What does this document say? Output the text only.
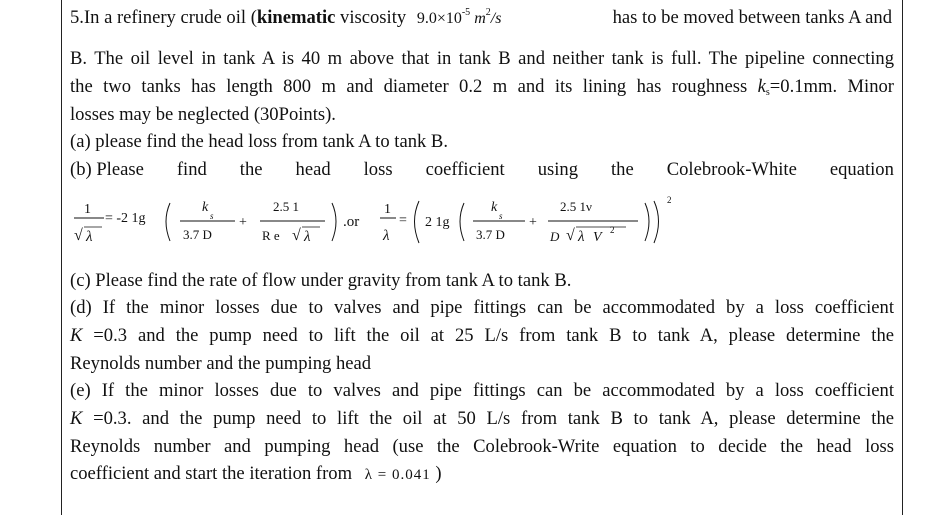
5.In a refinery crude oil (kinematic viscosity $9.0\times 10^{-5}$ $m^2/s$	has to be moved between tanks A and
B. The oil level in tank A is 40 m above that in tank B and neither tank is full. The pipeline connecting
the two tanks has length 800 m and diameter 0.2 m and its lining has roughness $k_s=0.1mm$. Minor
losses may be neglected (30Points).
(a) please find the head loss from tank A to tank B.
(b) Please find the head loss coefficient using the Colebrook-White equation
1
√ λ
= -2 1g
k
s
3.7 D
+
2.5 1
R e √ λ
.or
1
λ
= 2 1g
k
s
3.7 D
+
2.5 1ν
D √ λ V 2
2
(c) Please find the rate of flow under gravity from tank A to tank B.
(d) If the minor losses due to valves and pipe fittings can be accommodated by a loss coefficient
K =0.3 and the pump need to lift the oil at 25 L/s from tank B to tank A, please determine the
Reynolds number and the pumping head
(e) If the minor losses due to valves and pipe fittings can be accommodated by a loss coefficient
K =0.3. and the pump need to lift the oil at 50 L/s from tank B to tank A, please determine the
Reynolds number and pumping head (use the Colebrook-Write equation to decide the head loss
coefficient and start the iteration from λ = 0.041 )
